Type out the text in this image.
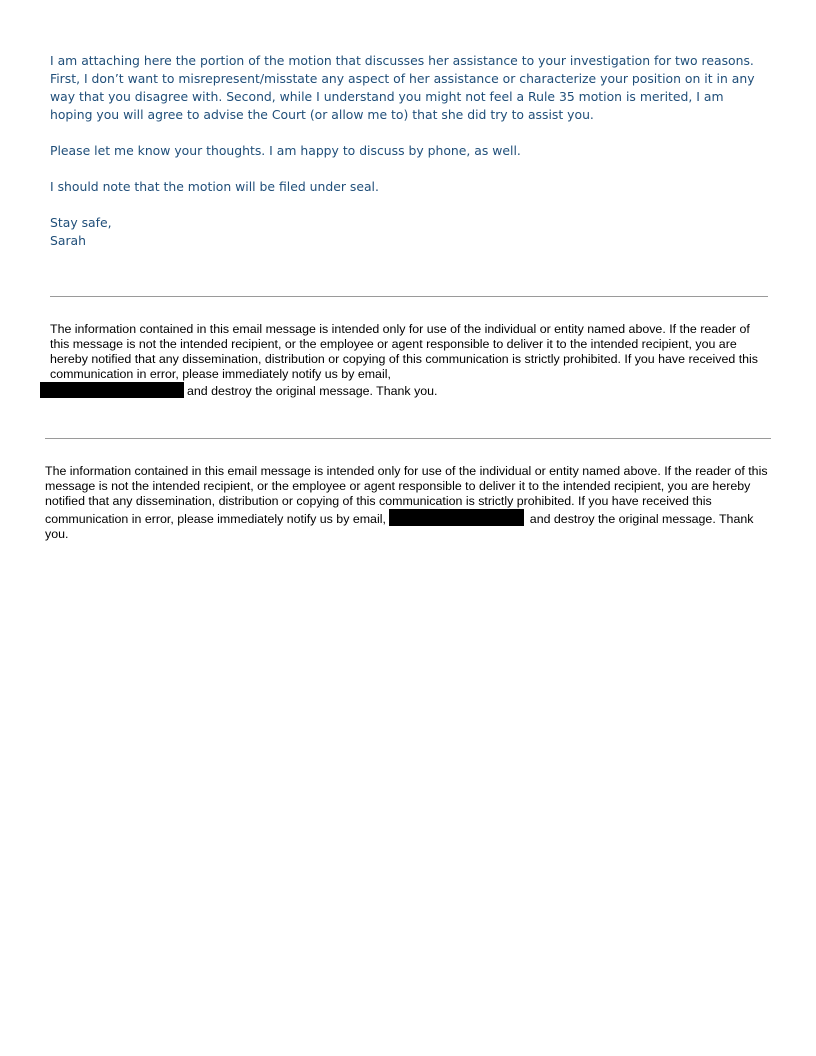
I am attaching here the portion of the motion that discusses her assistance to your investigation for two reasons. First, I don’t want to misrepresent/misstate any aspect of her assistance or characterize your position on it in any way that you disagree with. Second, while I understand you might not feel a Rule 35 motion is merited, I am hoping you will agree to advise the Court (or allow me to) that she did try to assist you.

Please let me know your thoughts. I am happy to discuss by phone, as well.

I should note that the motion will be filed under seal.

Stay safe,
Sarah
The information contained in this email message is intended only for use of the individual or entity named above. If the reader of this message is not the intended recipient, or the employee or agent responsible to deliver it to the intended recipient, you are hereby notified that any dissemination, distribution or copying of this communication is strictly prohibited. If you have received this communication in error, please immediately notify us by email,
and destroy the original message. Thank you.
The information contained in this email message is intended only for use of the individual or entity named above. If the reader of this message is not the intended recipient, or the employee or agent responsible to deliver it to the intended recipient, you are hereby notified that any dissemination, distribution or copying of this communication is strictly prohibited. If you have received this communication in error, please immediately notify us by email,	and destroy the original message. Thank you.
